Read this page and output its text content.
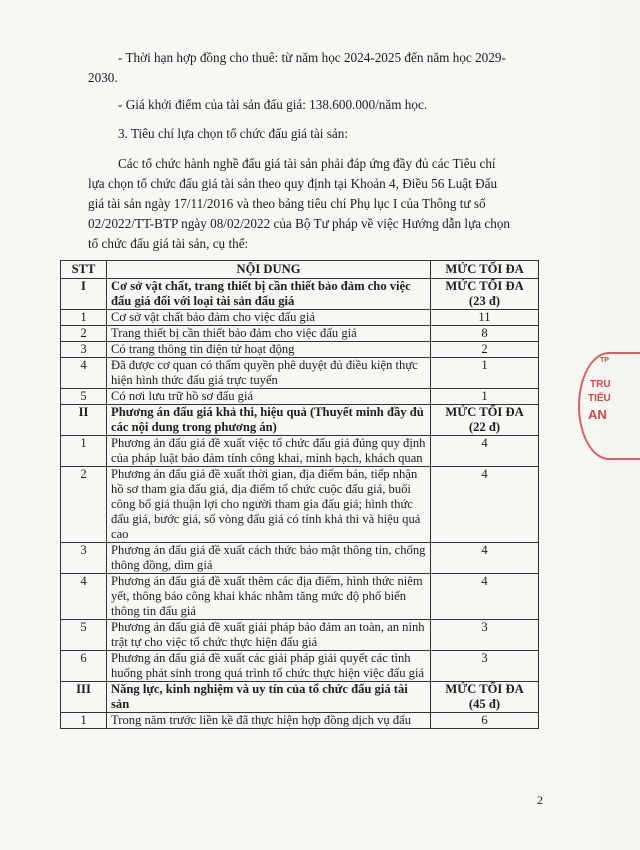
- Thời hạn hợp đồng cho thuê: từ năm học 2024-2025 đến năm học 2029-

2030.

- Giá khởi điểm của tài sản đấu giá: 138.600.000/năm học.

3. Tiêu chí lựa chọn tổ chức đấu giá tài sản:

Các tổ chức hành nghề đấu giá tài sản phải đáp ứng đầy đủ các Tiêu chí

lựa chọn tổ chức đấu giá tài sản theo quy định tại Khoản 4, Điều 56 Luật Đấu

giá tài sản ngày 17/11/2016 và theo bảng tiêu chí Phụ lục I của Thông tư số

02/2022/TT-BTP ngày 08/02/2022 của Bộ Tư pháp về việc Hướng dẫn lựa chọn

tổ chức đấu giá tài sản, cụ thể:

STT	NỘI DUNG	MỨC TỐI ĐA
I	Cơ sở vật chất, trang thiết bị cần thiết bảo đảm cho việc đấu giá đối với loại tài sản đấu giá	MỨC TỐI ĐA
(23 đ)
1	Cơ sở vật chất bảo đảm cho việc đấu giá	11
2	Trang thiết bị cần thiết bảo đảm cho việc đấu giá	8
3	Có trang thông tin điện tử hoạt động	2
4	Đã được cơ quan có thẩm quyền phê duyệt đủ điều kiện thực hiện hình thức đấu giá trực tuyến	1
5	Có nơi lưu trữ hồ sơ đấu giá	1
II	Phương án đấu giá khả thi, hiệu quả (Thuyết minh đầy đủ các nội dung trong phương án)	MỨC TỐI ĐA
(22 đ)
1	Phương án đấu giá đề xuất việc tổ chức đấu giá đúng quy định của pháp luật bảo đảm tính công khai, minh bạch, khách quan	4
2	Phương án đấu giá đề xuất thời gian, địa điểm bán, tiếp nhận hồ sơ tham gia đấu giá, địa điểm tổ chức cuộc đấu giá, buổi công bố giá thuận lợi cho người tham gia đấu giá; hình thức đấu giá, bước giá, số vòng đấu giá có tính khả thi và hiệu quả cao	4
3	Phương án đấu giá đề xuất cách thức bảo mật thông tin, chống thông đồng, dìm giá	4
4	Phương án đấu giá đề xuất thêm các địa điểm, hình thức niêm yết, thông báo công khai khác nhằm tăng mức độ phổ biến thông tin đấu giá	4
5	Phương án đấu giá đề xuất giải pháp bảo đảm an toàn, an ninh trật tự cho việc tổ chức thực hiện đấu giá	3
6	Phương án đấu giá đề xuất các giải pháp giải quyết các tình huống phát sinh trong quá trình tổ chức thực hiện việc đấu giá	3
III	Năng lực, kinh nghiệm và uy tín của tổ chức đấu giá tài sản	MỨC TỐI ĐA
(45 đ)
1	Trong năm trước liền kề đã thực hiện hợp đồng dịch vụ đấu	6
2
TP
TRU
TIỂU
AN
